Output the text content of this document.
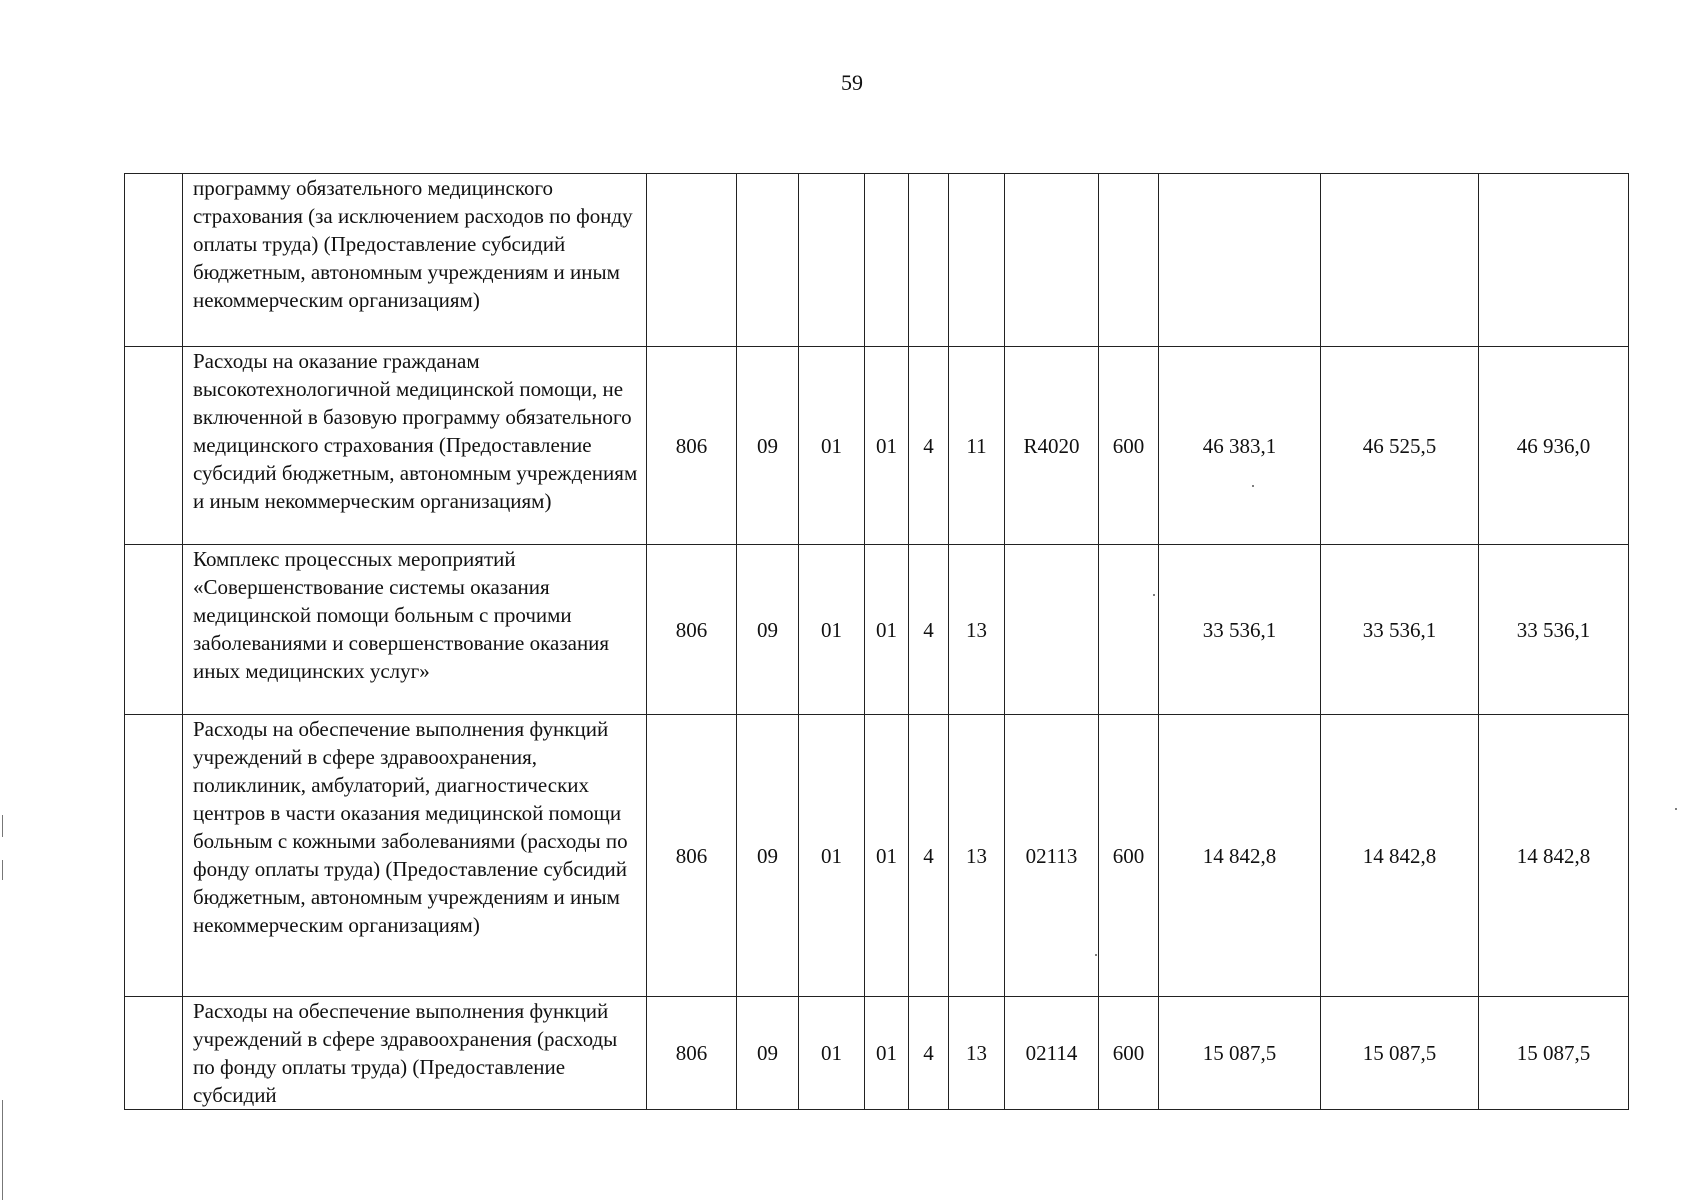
59
	программу обязательного медицинского страхования (за исключением расходов по фонду оплаты труда) (Предоставление субсидий бюджетным, автономным учреждениям и иным некоммерческим организациям)											
	Расходы на оказание гражданам высокотехнологичной медицинской помощи, не включенной в базовую программу обязательного медицинского страхования (Предоставление субсидий бюджетным, автономным учреждениям и иным некоммерческим организациям)	806	09	01	01	4	11	R4020	600	46 383,1	46 525,5	46 936,0
	Комплекс процессных мероприятий «Совершенствование системы оказания медицинской помощи больным с прочими заболеваниями и совершенствование оказания иных медицинских услуг»	806	09	01	01	4	13			33 536,1	33 536,1	33 536,1
	Расходы на обеспечение выполнения функций учреждений в сфере здравоохранения, поликлиник, амбулаторий, диагностических центров в части оказания медицинской помощи больным с кожными заболеваниями (расходы по фонду оплаты труда) (Предоставление субсидий бюджетным, автономным учреждениям и иным некоммерческим организациям)	806	09	01	01	4	13	02113	600	14 842,8	14 842,8	14 842,8
	Расходы на обеспечение выполнения функций учреждений в сфере здравоохранения (расходы по фонду оплаты труда) (Предоставление субсидий	806	09	01	01	4	13	02114	600	15 087,5	15 087,5	15 087,5
